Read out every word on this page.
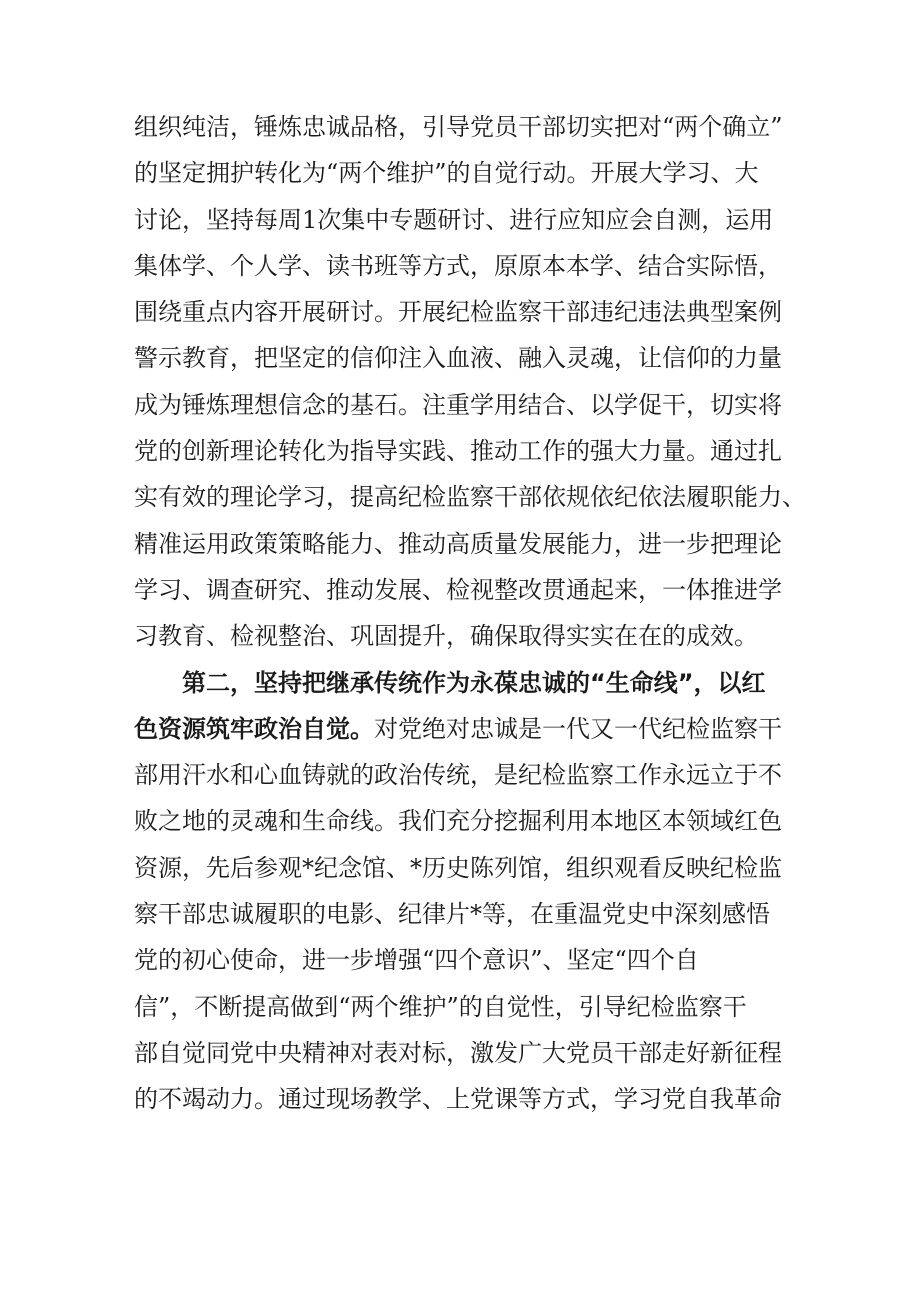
组织纯洁，锤炼忠诚品格，引导党员干部切实把对“两个确立”
的坚定拥护转化为“两个维护”的自觉行动。开展大学习、大
讨论，坚持每周1次集中专题研讨、进行应知应会自测，运用
集体学、个人学、读书班等方式，原原本本学、结合实际悟，
围绕重点内容开展研讨。开展纪检监察干部违纪违法典型案例
警示教育，把坚定的信仰注入血液、融入灵魂，让信仰的力量
成为锤炼理想信念的基石。注重学用结合、以学促干，切实将
党的创新理论转化为指导实践、推动工作的强大力量。通过扎
实有效的理论学习，提高纪检监察干部依规依纪依法履职能力、
精准运用政策策略能力、推动高质量发展能力，进一步把理论
学习、调查研究、推动发展、检视整改贯通起来，一体推进学
习教育、检视整治、巩固提升，确保取得实实在在的成效。
第二，坚持把继承传统作为永葆忠诚的“生命线”，以红
色资源筑牢政治自觉。对党绝对忠诚是一代又一代纪检监察干
部用汗水和心血铸就的政治传统，是纪检监察工作永远立于不
败之地的灵魂和生命线。我们充分挖掘利用本地区本领域红色
资源，先后参观*纪念馆、*历史陈列馆，组织观看反映纪检监
察干部忠诚履职的电影、纪律片*等，在重温党史中深刻感悟
党的初心使命，进一步增强“四个意识”、坚定“四个自
信”，不断提高做到“两个维护”的自觉性，引导纪检监察干
部自觉同党中央精神对表对标，激发广大党员干部走好新征程
的不竭动力。通过现场教学、上党课等方式，学习党自我革命
